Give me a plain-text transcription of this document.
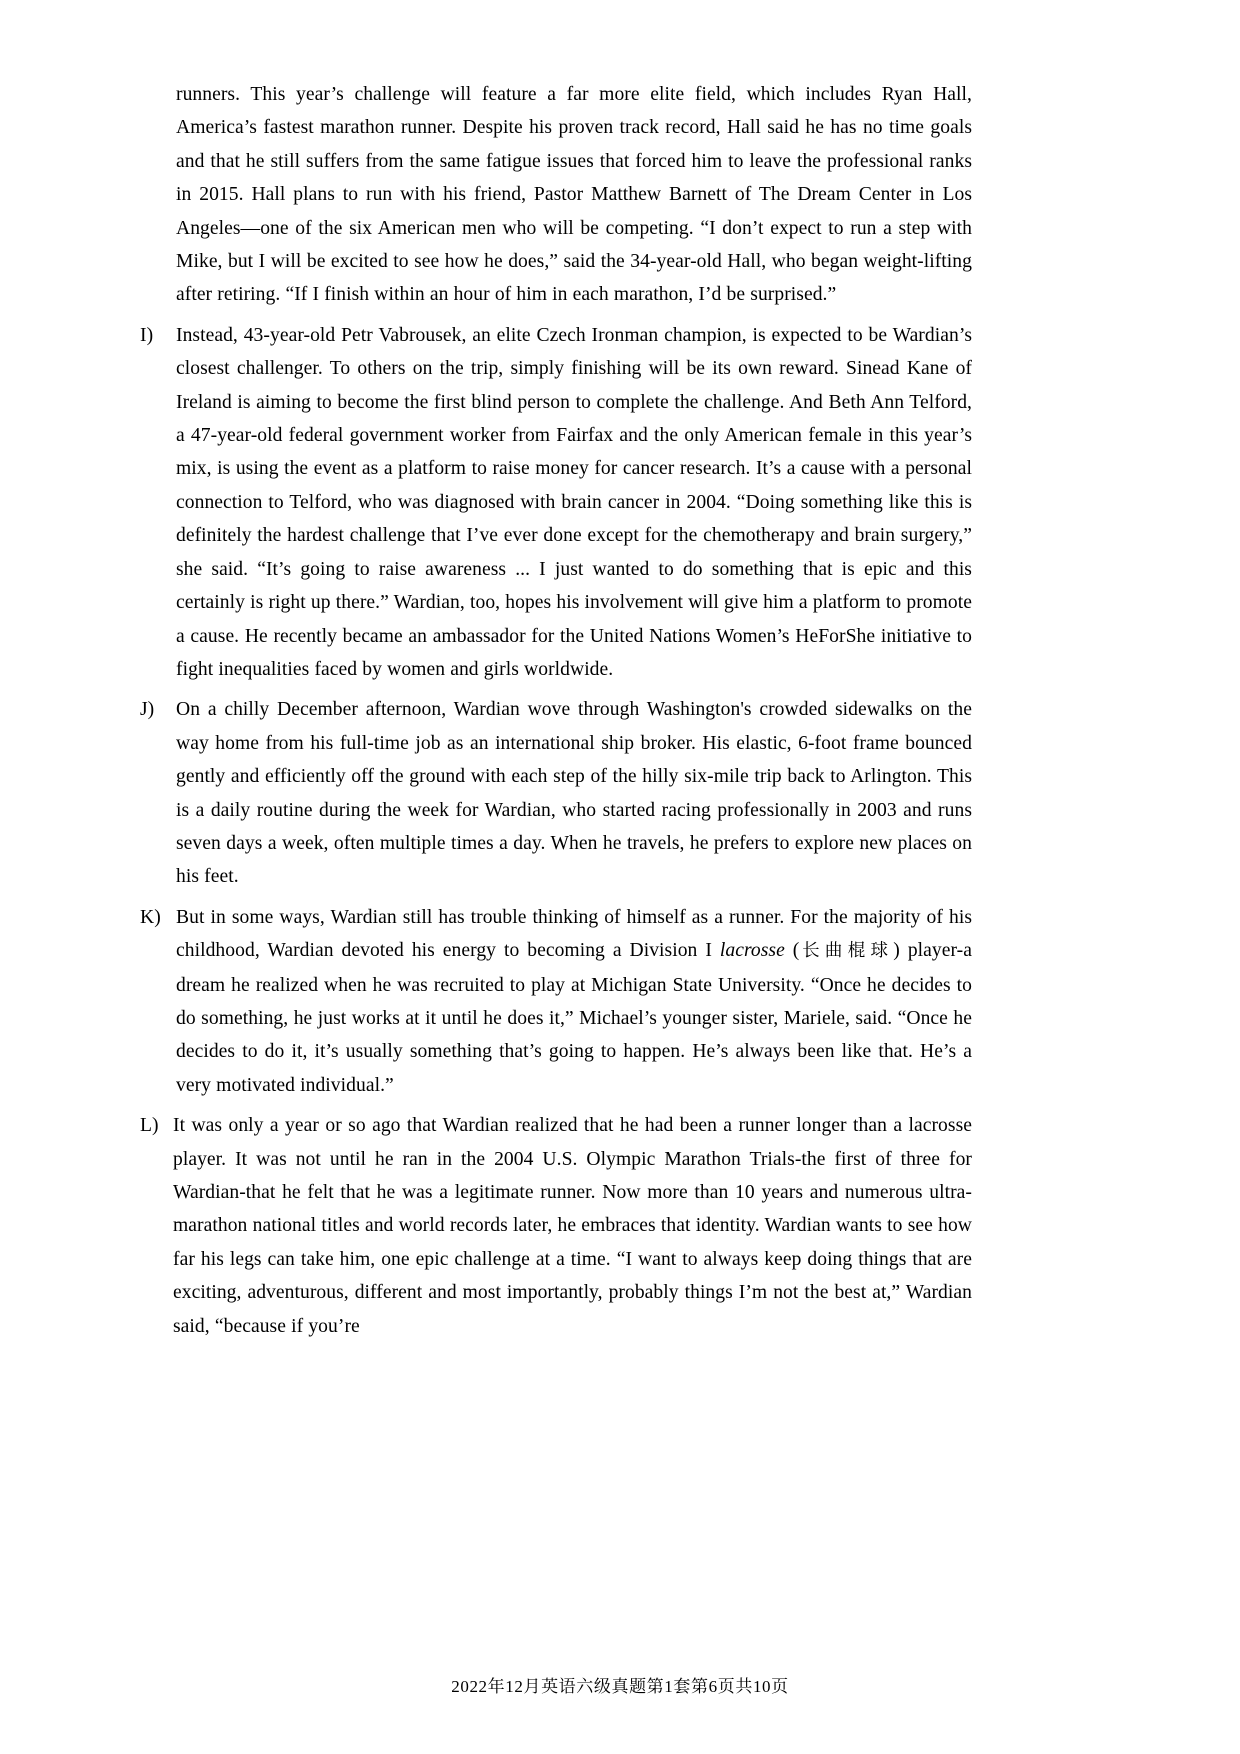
runners. This year’s challenge will feature a far more elite field, which includes Ryan Hall, America’s fastest marathon runner. Despite his proven track record, Hall said he has no time goals and that he still suffers from the same fatigue issues that forced him to leave the professional ranks in 2015. Hall plans to run with his friend, Pastor Matthew Barnett of The Dream Center in Los Angeles—one of the six American men who will be competing. “I don’t expect to run a step with Mike, but I will be excited to see how he does,” said the 34-year-old Hall, who began weight-lifting after retiring. “If I finish within an hour of him in each marathon, I’d be surprised.”

I)	Instead, 43-year-old Petr Vabrousek, an elite Czech Ironman champion, is expected to be Wardian’s closest challenger. To others on the trip, simply finishing will be its own reward. Sinead Kane of Ireland is aiming to become the first blind person to complete the challenge. And Beth Ann Telford, a 47-year-old federal government worker from Fairfax and the only American female in this year’s mix, is using the event as a platform to raise money for cancer research. It’s a cause with a personal connection to Telford, who was diagnosed with brain cancer in 2004. “Doing something like this is definitely the hardest challenge that I’ve ever done except for the chemotherapy and brain surgery,” she said. “It’s going to raise awareness ... I just wanted to do something that is epic and this certainly is right up there.” Wardian, too, hopes his involvement will give him a platform to promote a cause. He recently became an ambassador for the United Nations Women’s HeForShe initiative to fight inequalities faced by women and girls worldwide.

J)	On a chilly December afternoon, Wardian wove through Washington's crowded sidewalks on the way home from his full-time job as an international ship broker. His elastic, 6-foot frame bounced gently and efficiently off the ground with each step of the hilly six-mile trip back to Arlington. This is a daily routine during the week for Wardian, who started racing professionally in 2003 and runs seven days a week, often multiple times a day. When he travels, he prefers to explore new places on his feet.

K) But in some ways, Wardian still has trouble thinking of himself as a runner. For the majority of his childhood, Wardian devoted his energy to becoming a Division I lacrosse (长曲棍球) player-a dream he realized when he was recruited to play at Michigan State University. “Once he decides to do something, he just works at it until he does it,” Michael’s younger sister, Mariele, said. “Once he decides to do it, it’s usually something that’s going to happen. He’s always been like that. He’s a very motivated individual.”

L) It was only a year or so ago that Wardian realized that he had been a runner longer than a lacrosse player. It was not until he ran in the 2004 U.S. Olympic Marathon Trials-the first of three for Wardian-that he felt that he was a legitimate runner. Now more than 10 years and numerous ultra-marathon national titles and world records later, he embraces that identity. Wardian wants to see how far his legs can take him, one epic challenge at a time. “I want to always keep doing things that are exciting, adventurous, different and most importantly, probably things I’m not the best at,” Wardian said, “because if you’re

2022年12月英语六级真题第1套第6页共10页
